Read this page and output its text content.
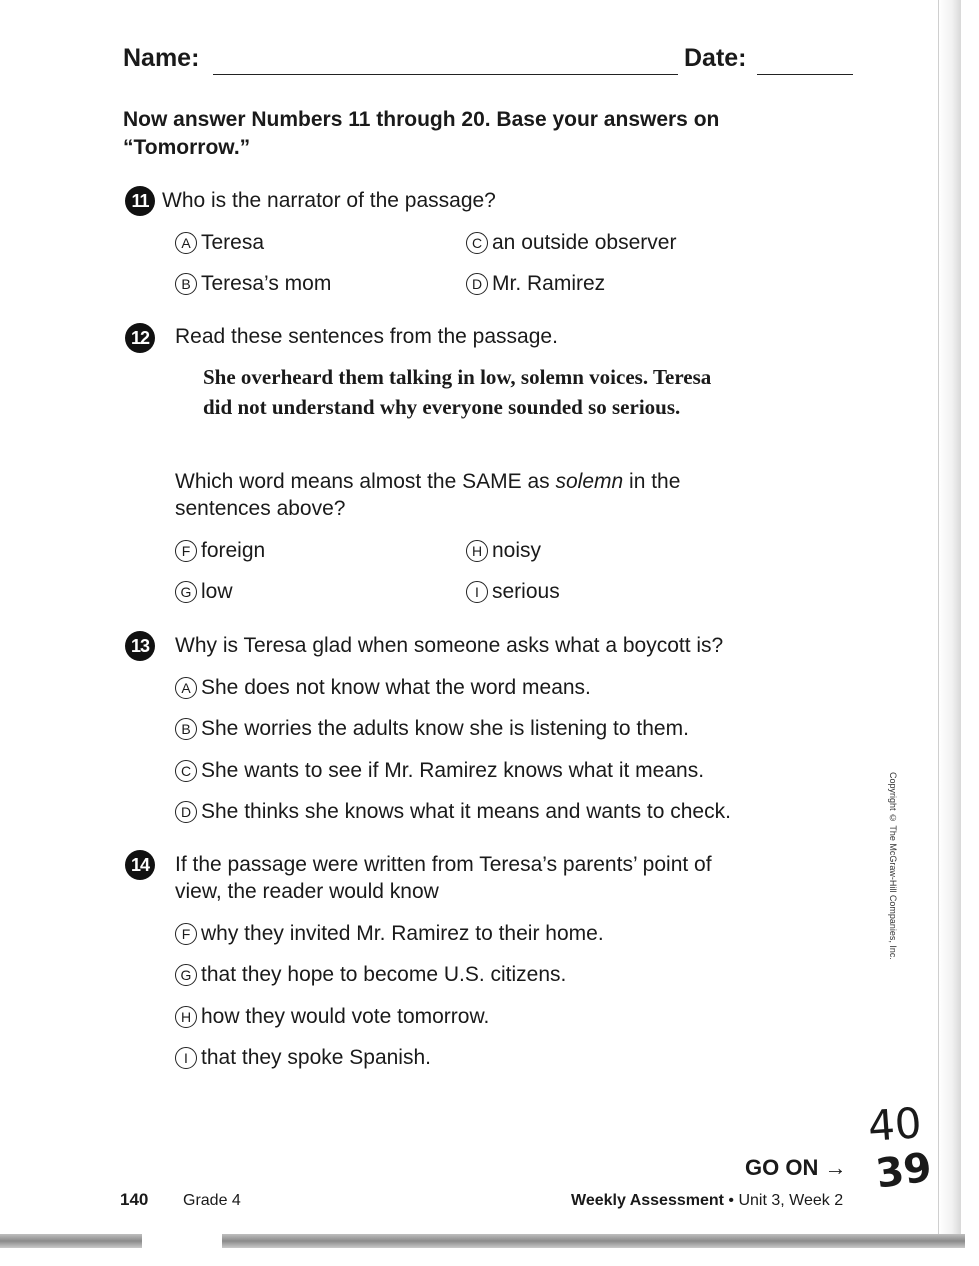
Name:	Date:
Now answer Numbers 11 through 20. Base your answers on “Tomorrow.”
11 Who is the narrator of the passage?
A Teresa
B Teresa’s mom
C an outside observer
D Mr. Ramirez
12 Read these sentences from the passage.
She overheard them talking in low, solemn voices. Teresa did not understand why everyone sounded so serious.
Which word means almost the SAME as solemn in the sentences above?
F foreign
G low
H noisy
I serious
13 Why is Teresa glad when someone asks what a boycott is?
A She does not know what the word means.
B She worries the adults know she is listening to them.
C She wants to see if Mr. Ramirez knows what it means.
D She thinks she knows what it means and wants to check.
14 If the passage were written from Teresa’s parents’ point of view, the reader would know
F why they invited Mr. Ramirez to their home.
G that they hope to become U.S. citizens.
H how they would vote tomorrow.
I that they spoke Spanish.
Copyright © The McGraw-Hill Companies, Inc.
40
39
GO ON →
140 Grade 4	Weekly Assessment • Unit 3, Week 2
